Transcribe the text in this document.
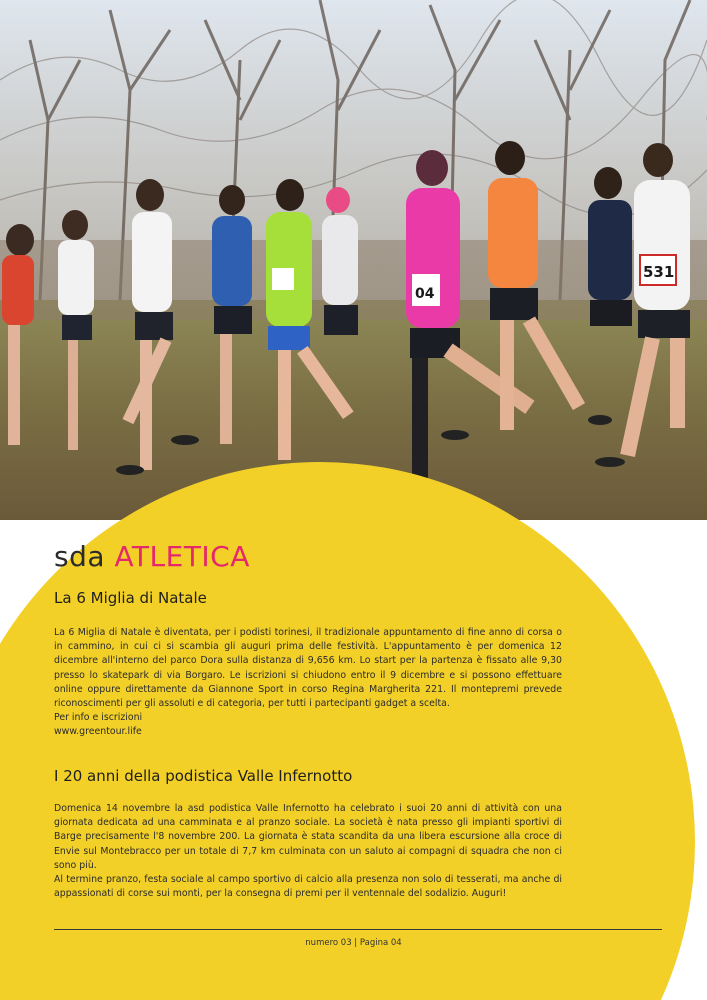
531
04
sda ATLETICA
La 6 Miglia di Natale

La 6 Miglia di Natale è diventata, per i podisti torinesi, il tradizionale appuntamento di fine anno di corsa o in cammino, in cui ci si scambia gli auguri prima delle festività. L'appuntamento è per domenica 12 dicembre all'interno del parco Dora sulla distanza di 9,656 km. Lo start per la partenza è fissato alle 9,30 presso lo skatepark di via Borgaro. Le iscrizioni si chiudono entro il 9 dicembre e si possono effettuare online oppure direttamente da Giannone Sport in corso Regina Margherita 221. Il montepremi prevede riconoscimenti per gli assoluti e di categoria, per tutti i partecipanti gadget a scelta.

Per info e iscrizioni

www.greentour.life

I 20 anni della podistica Valle Infernotto

Domenica 14 novembre la asd podistica Valle Infernotto ha celebrato i suoi 20 anni di attività con una giornata dedicata ad una camminata e al pranzo sociale. La società è nata presso gli impianti sportivi di Barge precisamente l'8 novembre 200. La giornata è stata scandita da una libera escursione alla croce di Envie sul Montebracco per un totale di 7,7 km culminata con un saluto ai compagni di squadra che non ci sono più.

Al termine pranzo, festa sociale al campo sportivo di calcio alla presenza non solo di tesserati, ma anche di appassionati di corse sui monti, per la consegna di premi per il ventennale del sodalizio. Auguri!

numero 03 | Pagina 04
